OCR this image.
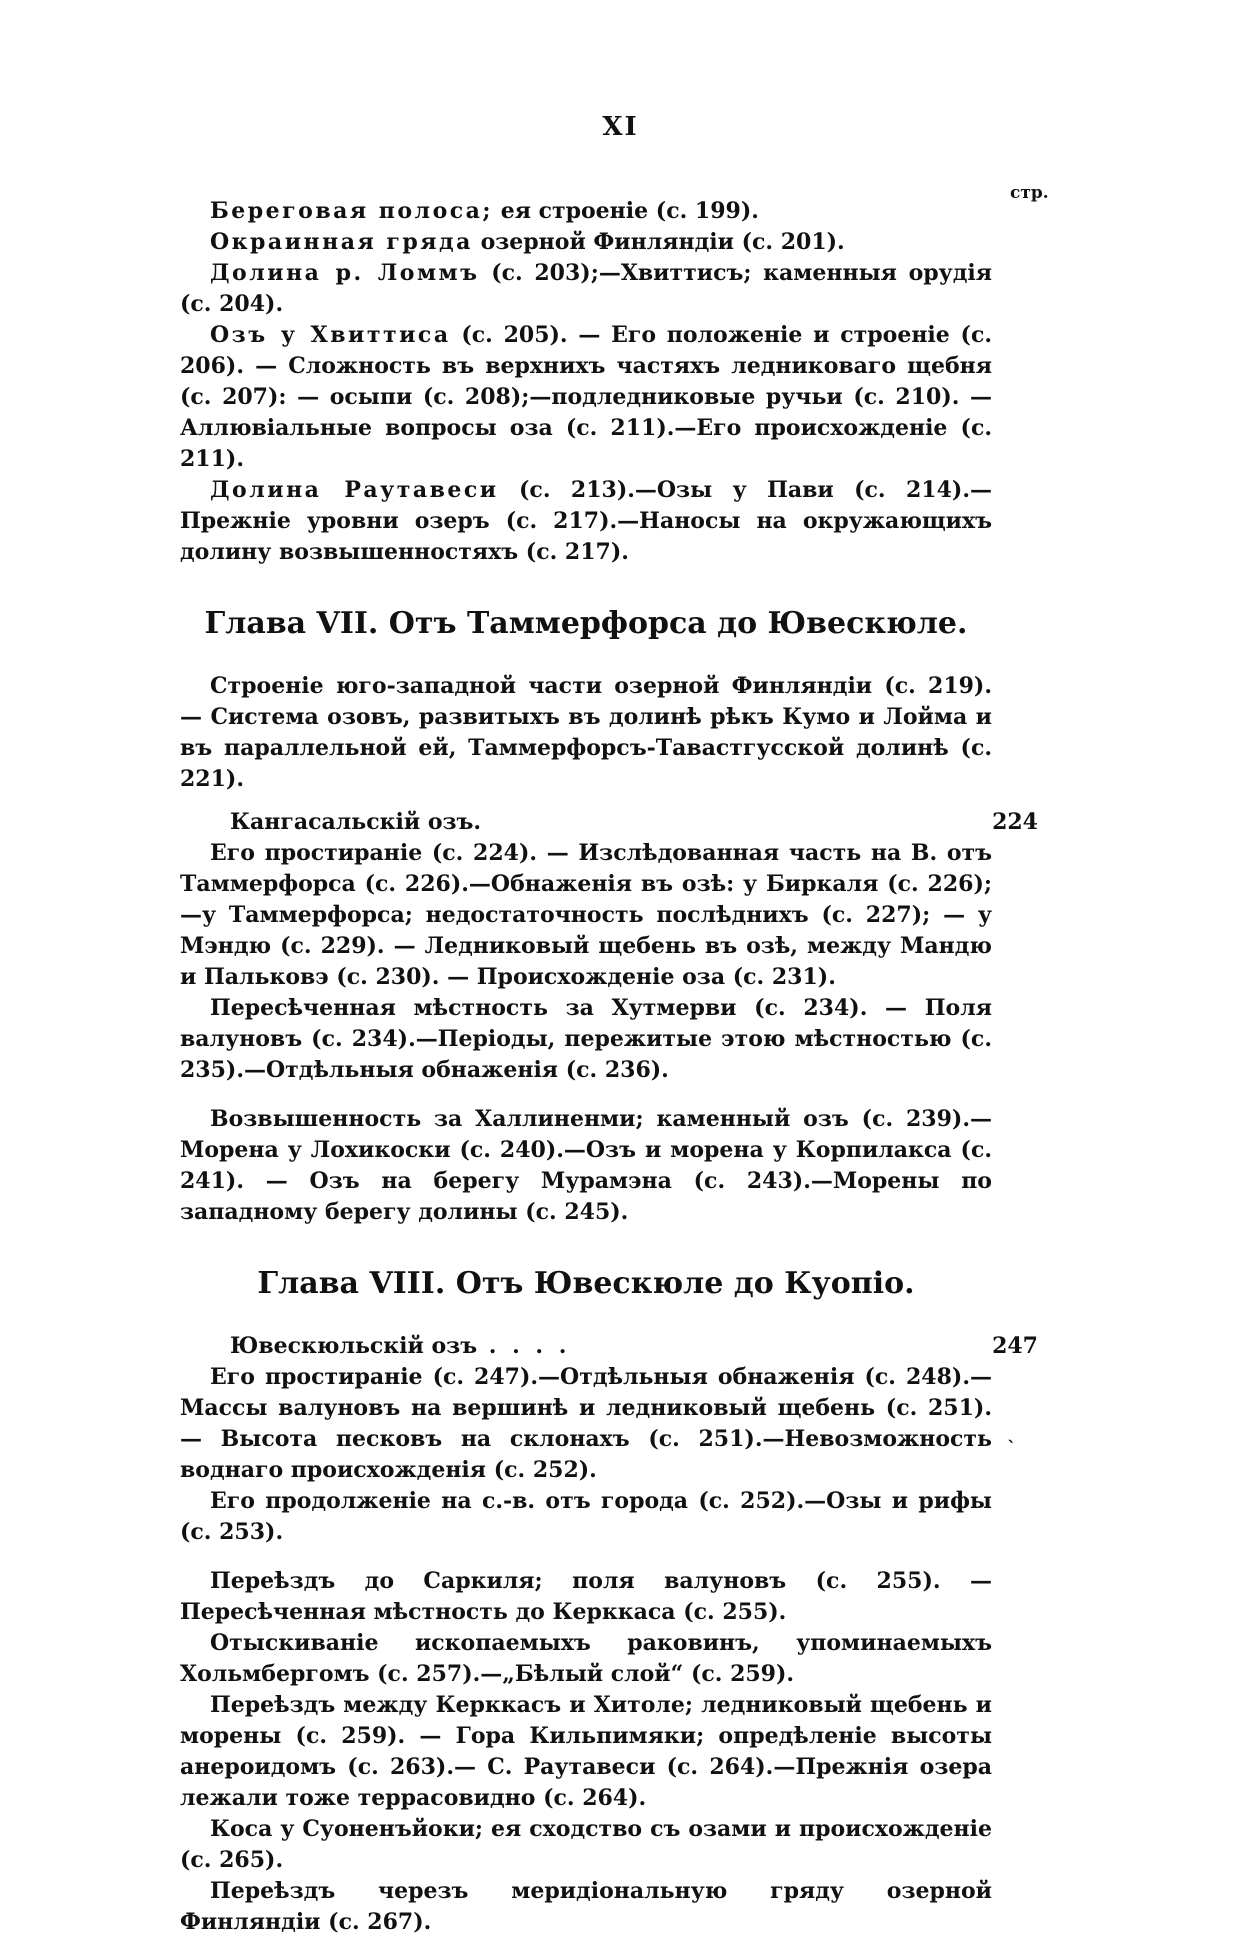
XI
стр.

Береговая полоса; ея строеніе (с. 199).

Окраинная гряда озерной Финляндіи (с. 201).

Долина р. Ломмъ (с. 203);—Хвиттисъ; каменныя орудія (с. 204).

Озъ у Хвиттиса (с. 205). — Его положеніе и строеніе (с. 206). — Сложность въ верхнихъ частяхъ ледниковаго щебня (с. 207): — осыпи (с. 208);—подледниковые ручьи (с. 210). — Аллювіальные вопросы оза (с. 211).—Его происхожденіе (с. 211).

Долина Раутавеси (с. 213).—Озы у Пави (с. 214).—Прежніе уровни озеръ (с. 217).—Наносы на окружающихъ долину возвышенностяхъ (с. 217).

Глава VII. Отъ Таммерфорса до Ювескюле.

Строеніе юго-западной части озерной Финляндіи (с. 219). — Система озовъ, развитыхъ въ долинѣ рѣкъ Кумо и Лойма и въ параллельной ей, Таммерфорсъ-Тавастгусской долинѣ (с. 221).

Кангасальскій озъ.	224

Его простираніе (с. 224). — Изслѣдованная часть на В. отъ Таммерфорса (с. 226).—Обнаженія въ озѣ: у Биркаля (с. 226);—у Таммерфорса; недостаточность послѣднихъ (с. 227); — у Мэндю (с. 229). — Ледниковый щебень въ озѣ, между Мандю и Пальковэ (с. 230). — Происхожденіе оза (с. 231).

Пересѣченная мѣстность за Хутмерви (с. 234). — Поля валуновъ (с. 234).—Періоды, пережитые этою мѣстностью (с. 235).—Отдѣльныя обнаженія (с. 236).

Возвышенность за Халлиненми; каменный озъ (с. 239).—Морена у Лохикоски (с. 240).—Озъ и морена у Корпилакса (с. 241). — Озъ на берегу Мурамэна (с. 243).—Морены по западному берегу долины (с. 245).

Глава VIII. Отъ Ювескюле до Куопіо.
Ювескюльскій озъ . . . .	247

Его простираніе (с. 247).—Отдѣльныя обнаженія (с. 248).—Массы валуновъ на вершинѣ и ледниковый щебень (с. 251). — Высота песковъ на склонахъ (с. 251).—Невозможность воднаго происхожденія (с. 252).

Его продолженіе на с.-в. отъ города (с. 252).—Озы и рифы (с. 253).

Переѣздъ до Саркиля; поля валуновъ (с. 255). — Пересѣченная мѣстность до Керккаса (с. 255).

Отыскиваніе ископаемыхъ раковинъ, упоминаемыхъ Хольмбергомъ (с. 257).—„Бѣлый слой“ (с. 259).

Переѣздъ между Керккасъ и Хитоле; ледниковый щебень и морены (с. 259). — Гора Кильпимяки; опредѣленіе высоты анероидомъ (с. 263).— С. Раутавеси (с. 264).—Прежнія озера лежали тоже террасовидно (с. 264).

Коса у Суоненъйоки; ея сходство съ озами и происхожденіе (с. 265).

Переѣздъ черезъ меридіональную гряду озерной Финляндіи (с. 267).

`
